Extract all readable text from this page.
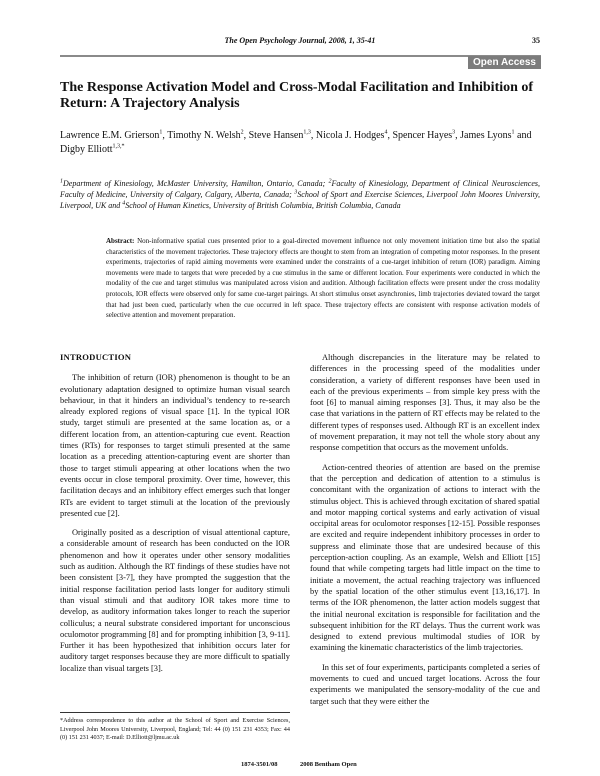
The Open Psychology Journal, 2008, 1, 35-41	35
Open Access
The Response Activation Model and Cross-Modal Facilitation and Inhibition of Return: A Trajectory Analysis
Lawrence E.M. Grierson$^1$, Timothy N. Welsh$^2$, Steve Hansen$^{1,3}$, Nicola J. Hodges$^4$, Spencer Hayes$^3$, James Lyons$^1$ and Digby Elliott$^{1,3,*}$
$^1$Department of Kinesiology, McMaster University, Hamilton, Ontario, Canada; $^2$Faculty of Kinesiology, Department of Clinical Neurosciences, Faculty of Medicine, University of Calgary, Calgary, Alberta, Canada; $^3$School of Sport and Exercise Sciences, Liverpool John Moores University, Liverpool, UK and $^4$School of Human Kinetics, University of British Columbia, British Columbia, Canada

Abstract: Non-informative spatial cues presented prior to a goal-directed movement influence not only movement initiation time but also the spatial characteristics of the movement trajectories. These trajectory effects are thought to stem from an integration of competing motor responses. In the present experiments, trajectories of rapid aiming movements were examined under the constraints of a cue-target inhibition of return (IOR) paradigm. Aiming movements were made to targets that were preceded by a cue stimulus in the same or different location. Four experiments were conducted in which the modality of the cue and target stimulus was manipulated across vision and audition. Although facilitation effects were present under the cross modality protocols, IOR effects were observed only for same cue-target pairings. At short stimulus onset asynchronies, limb trajectories deviated toward the target that had just been cued, particularly when the cue occurred in left space. These trajectory effects are consistent with response activation models of selective attention and movement preparation.

INTRODUCTION

The inhibition of return (IOR) phenomenon is thought to be an evolutionary adaptation designed to optimize human visual search behaviour, in that it hinders an individual’s tendency to re-search already explored regions of visual space [1]. In the typical IOR study, target stimuli are presented at the same location as, or a different location from, an attention-capturing cue event. Reaction times (RTs) for responses to target stimuli presented at the same location as a preceding attention-capturing event are shorter than those to target stimuli appearing at other locations when the two events occur in close temporal proximity. Over time, however, this facilitation decays and an inhibitory effect emerges such that longer RTs are evident to target stimuli at the location of the previously presented cue [2].

Originally posited as a description of visual attentional capture, a considerable amount of research has been conducted on the IOR phenomenon and how it operates under other sensory modalities such as audition. Although the RT findings of these studies have not been consistent [3-7], they have prompted the suggestion that the initial response facilitation period lasts longer for auditory stimuli than visual stimuli and that auditory IOR takes more time to develop, as auditory information takes longer to reach the superior colliculus; a neural substrate considered important for unconscious oculomotor programming [8] and for prompting inhibition [3, 9-11]. Further it has been hypothesized that inhibition occurs later for auditory target responses because they are more difficult to spatially localize than visual targets [3].

Although discrepancies in the literature may be related to differences in the processing speed of the modalities under consideration, a variety of different responses have been used in each of the previous experiments – from simple key press with the foot [6] to manual aiming responses [3]. Thus, it may also be the case that variations in the pattern of RT effects may be related to the different types of responses used. Although RT is an excellent index of movement preparation, it may not tell the whole story about any response competition that occurs as the movement unfolds.

Action-centred theories of attention are based on the premise that the perception and dedication of attention to a stimulus is concomitant with the organization of actions to interact with the stimulus object. This is achieved through excitation of shared spatial and motor mapping cortical systems and early activation of visual occipital areas for oculomotor responses [12-15]. Possible responses are excited and require independent inhibitory processes in order to suppress and eliminate those that are undesired because of this perception-action coupling. As an example, Welsh and Elliott [15] found that while competing targets had little impact on the time to initiate a movement, the actual reaching trajectory was influenced by the spatial location of the other stimulus event [13,16,17]. In terms of the IOR phenomenon, the latter action models suggest that the initial neuronal excitation is responsible for facilitation and the subsequent inhibition for the RT delays. Thus the current work was designed to extend previous multimodal studies of IOR by examining the kinematic characteristics of the limb trajectories.

In this set of four experiments, participants completed a series of movements to cued and uncued target locations. Across the four experiments we manipulated the sensory-modality of the cue and target such that they were either the

*Address correspondence to this author at the School of Sport and Exercise Sciences, Liverpool John Moores University, Liverpool, England; Tel: 44 (0) 151 231 4353; Fax: 44 (0) 151 231 4037; E-mail: D.Elliott@ljmu.ac.uk
1874-3501/08	2008 Bentham Open
